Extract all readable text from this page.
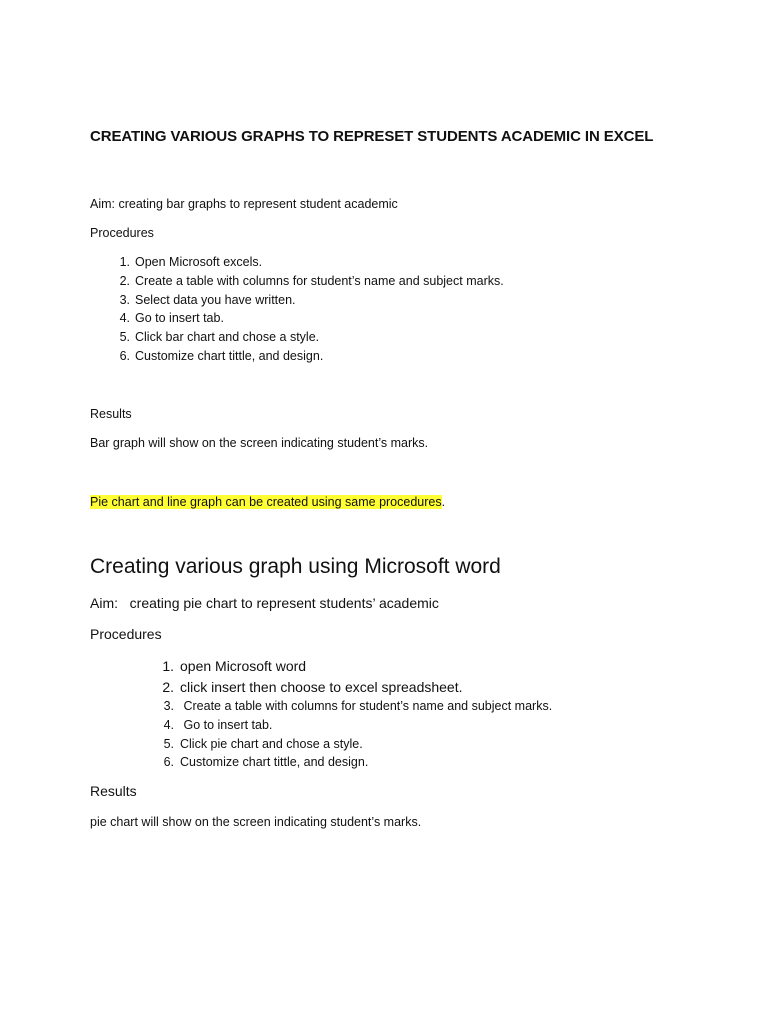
CREATING VARIOUS GRAPHS TO REPRESET STUDENTS ACADEMIC IN EXCEL
Aim: creating bar graphs to represent student academic
Procedures
1. Open Microsoft excels.
2. Create a table with columns for student’s name and subject marks.
3. Select data you have written.
4. Go to insert tab.
5. Click bar chart and chose a style.
6. Customize chart tittle, and design.
Results
Bar graph will show on the screen indicating student’s marks.
Pie chart and line graph can be created using same procedures.
Creating various graph using Microsoft word
Aim:   creating pie chart to represent students’ academic
Procedures
1. open Microsoft word
2. click insert then choose to excel spreadsheet.
3. Create a table with columns for student’s name and subject marks.
4. Go to insert tab.
5. Click pie chart and chose a style.
6. Customize chart tittle, and design.
Results
pie chart will show on the screen indicating student’s marks.
